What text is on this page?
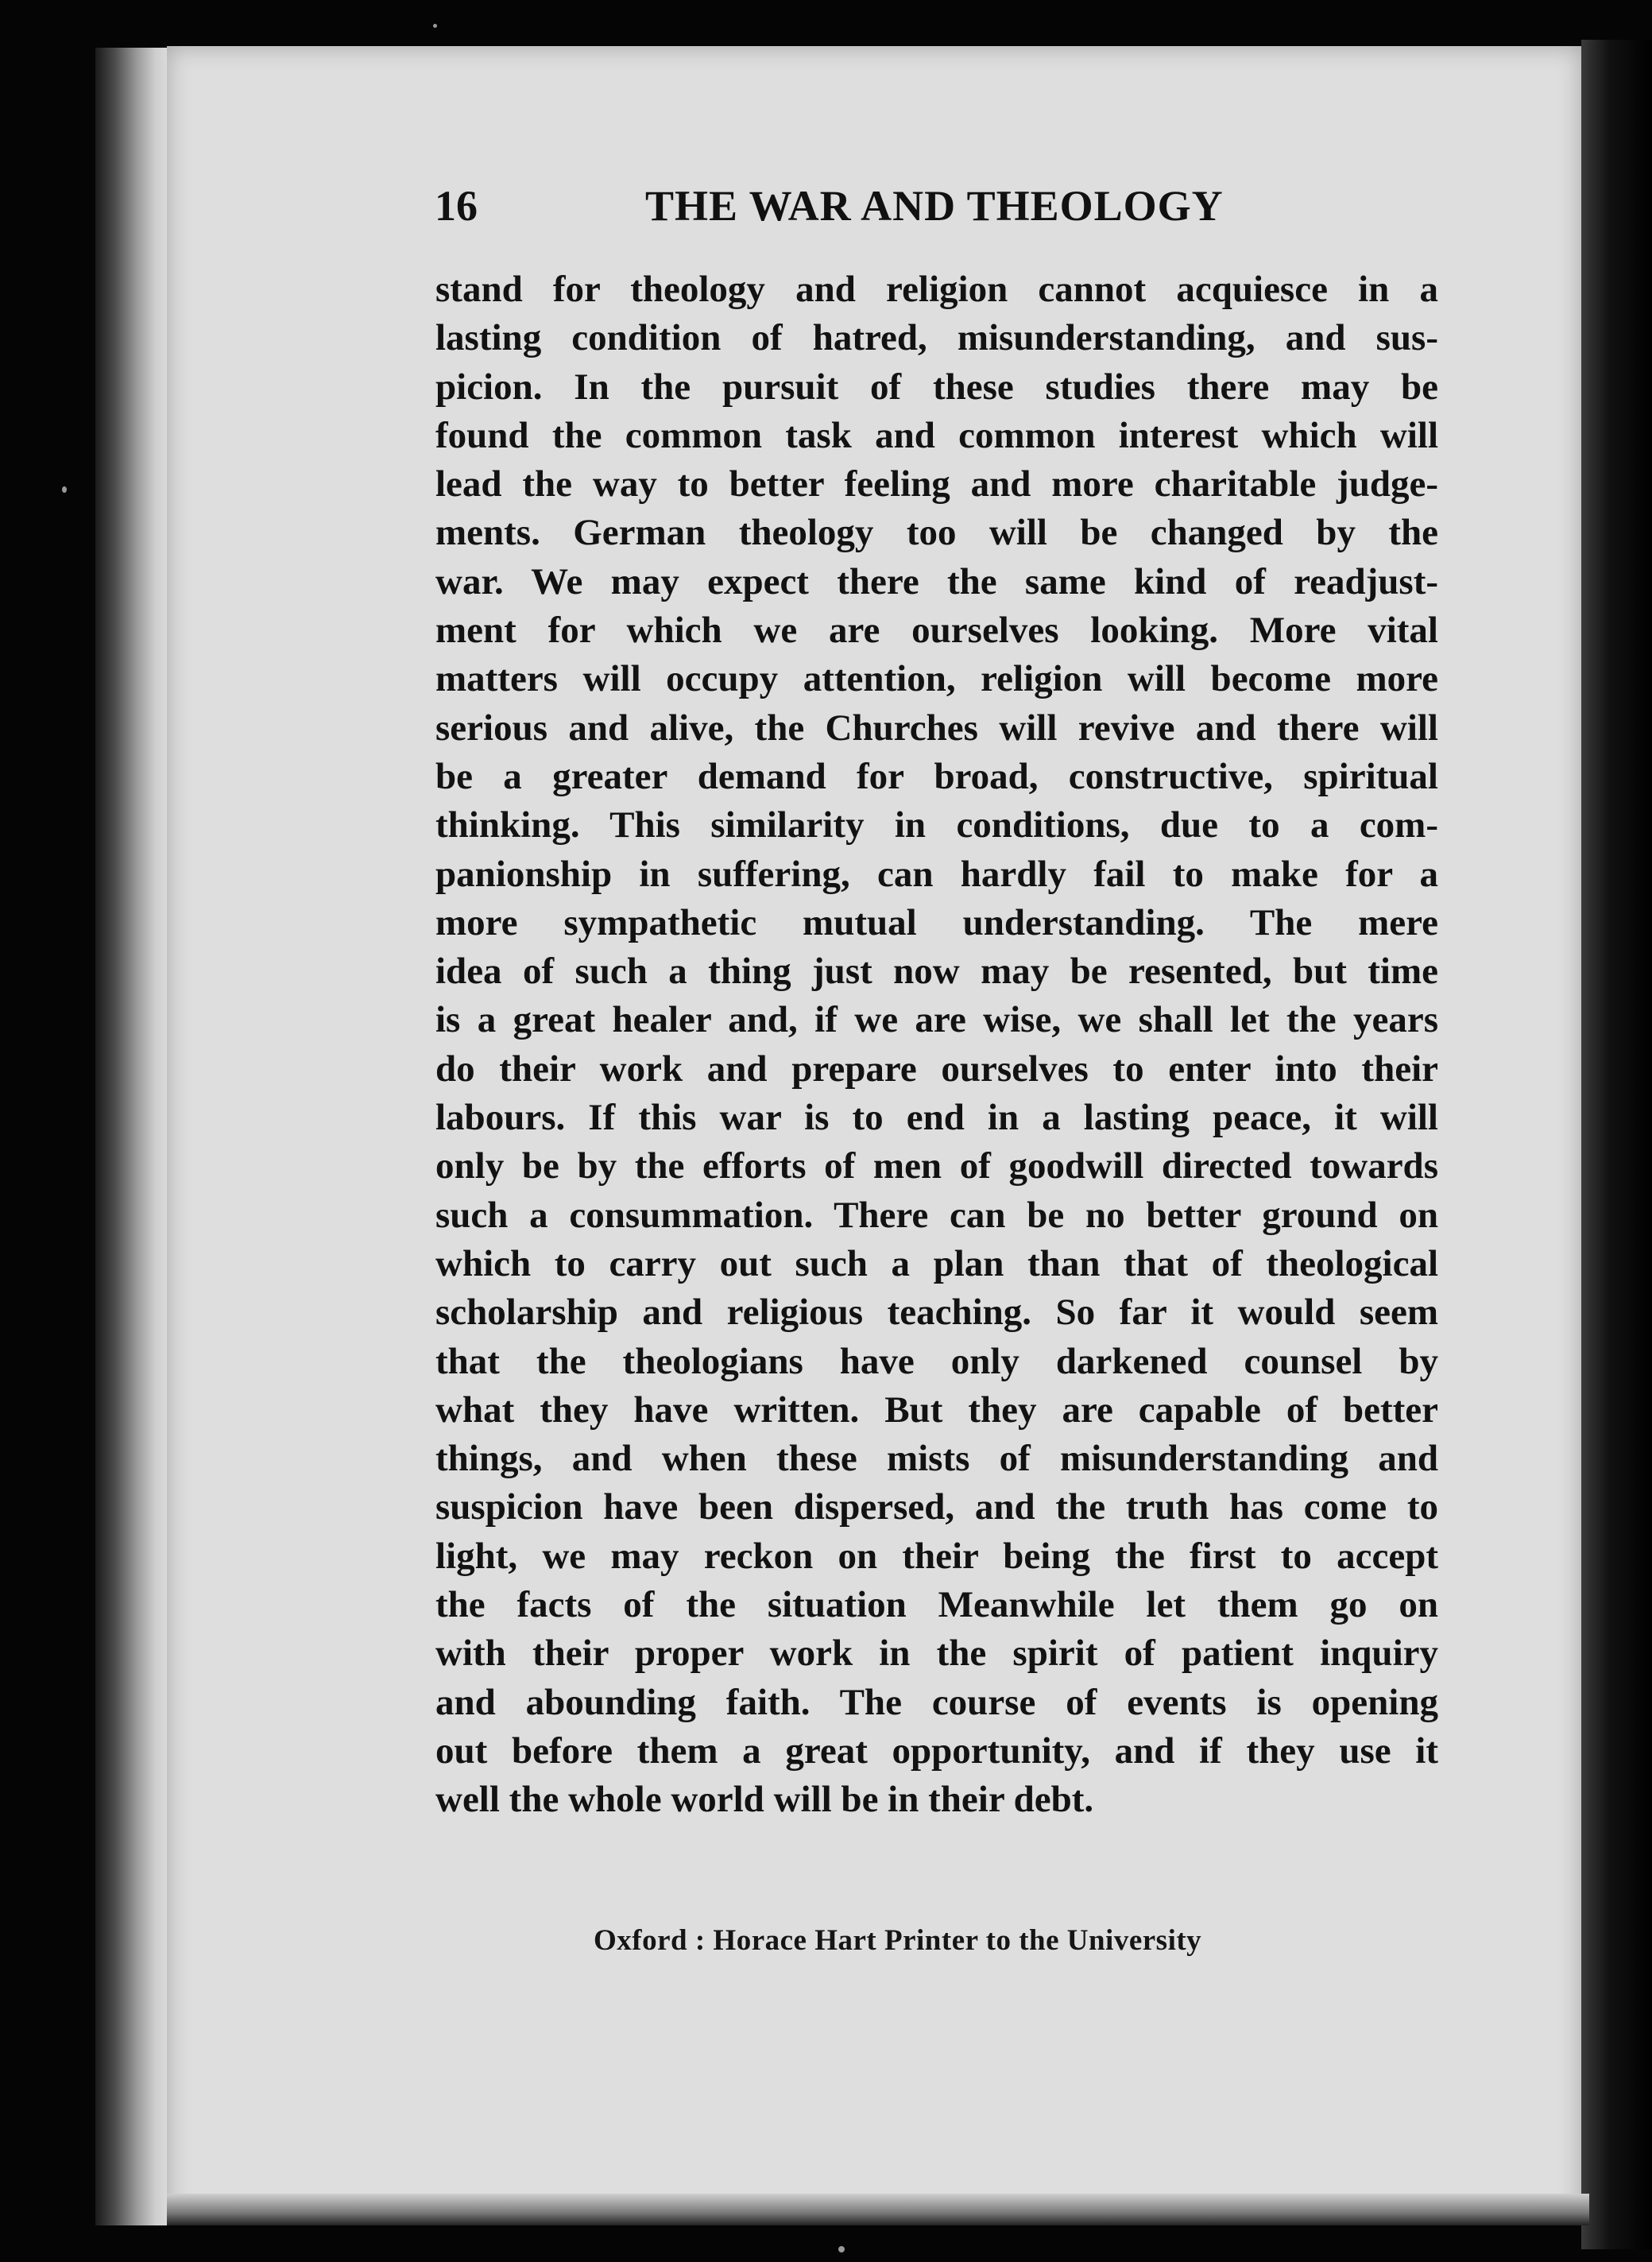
16	THE WAR AND THEOLOGY
stand for theology and religion cannot acquiesce in a
lasting condition of hatred, misunderstanding, and sus-
picion. In the pursuit of these studies there may be
found the common task and common interest which will
lead the way to better feeling and more charitable judge-
ments. German theology too will be changed by the
war. We may expect there the same kind of readjust-
ment for which we are ourselves looking. More vital
matters will occupy attention, religion will become more
serious and alive, the Churches will revive and there will
be a greater demand for broad, constructive, spiritual
thinking. This similarity in conditions, due to a com-
panionship in suffering, can hardly fail to make for a
more sympathetic mutual understanding. The mere
idea of such a thing just now may be resented, but time
is a great healer and, if we are wise, we shall let the years
do their work and prepare ourselves to enter into their
labours. If this war is to end in a lasting peace, it will
only be by the efforts of men of goodwill directed towards
such a consummation. There can be no better ground on
which to carry out such a plan than that of theological
scholarship and religious teaching. So far it would seem
that the theologians have only darkened counsel by
what they have written. But they are capable of better
things, and when these mists of misunderstanding and
suspicion have been dispersed, and the truth has come to
light, we may reckon on their being the first to accept
the facts of the situation Meanwhile let them go on
with their proper work in the spirit of patient inquiry
and abounding faith. The course of events is opening
out before them a great opportunity, and if they use it
well the whole world will be in their debt.
Oxford : Horace Hart Printer to the University
